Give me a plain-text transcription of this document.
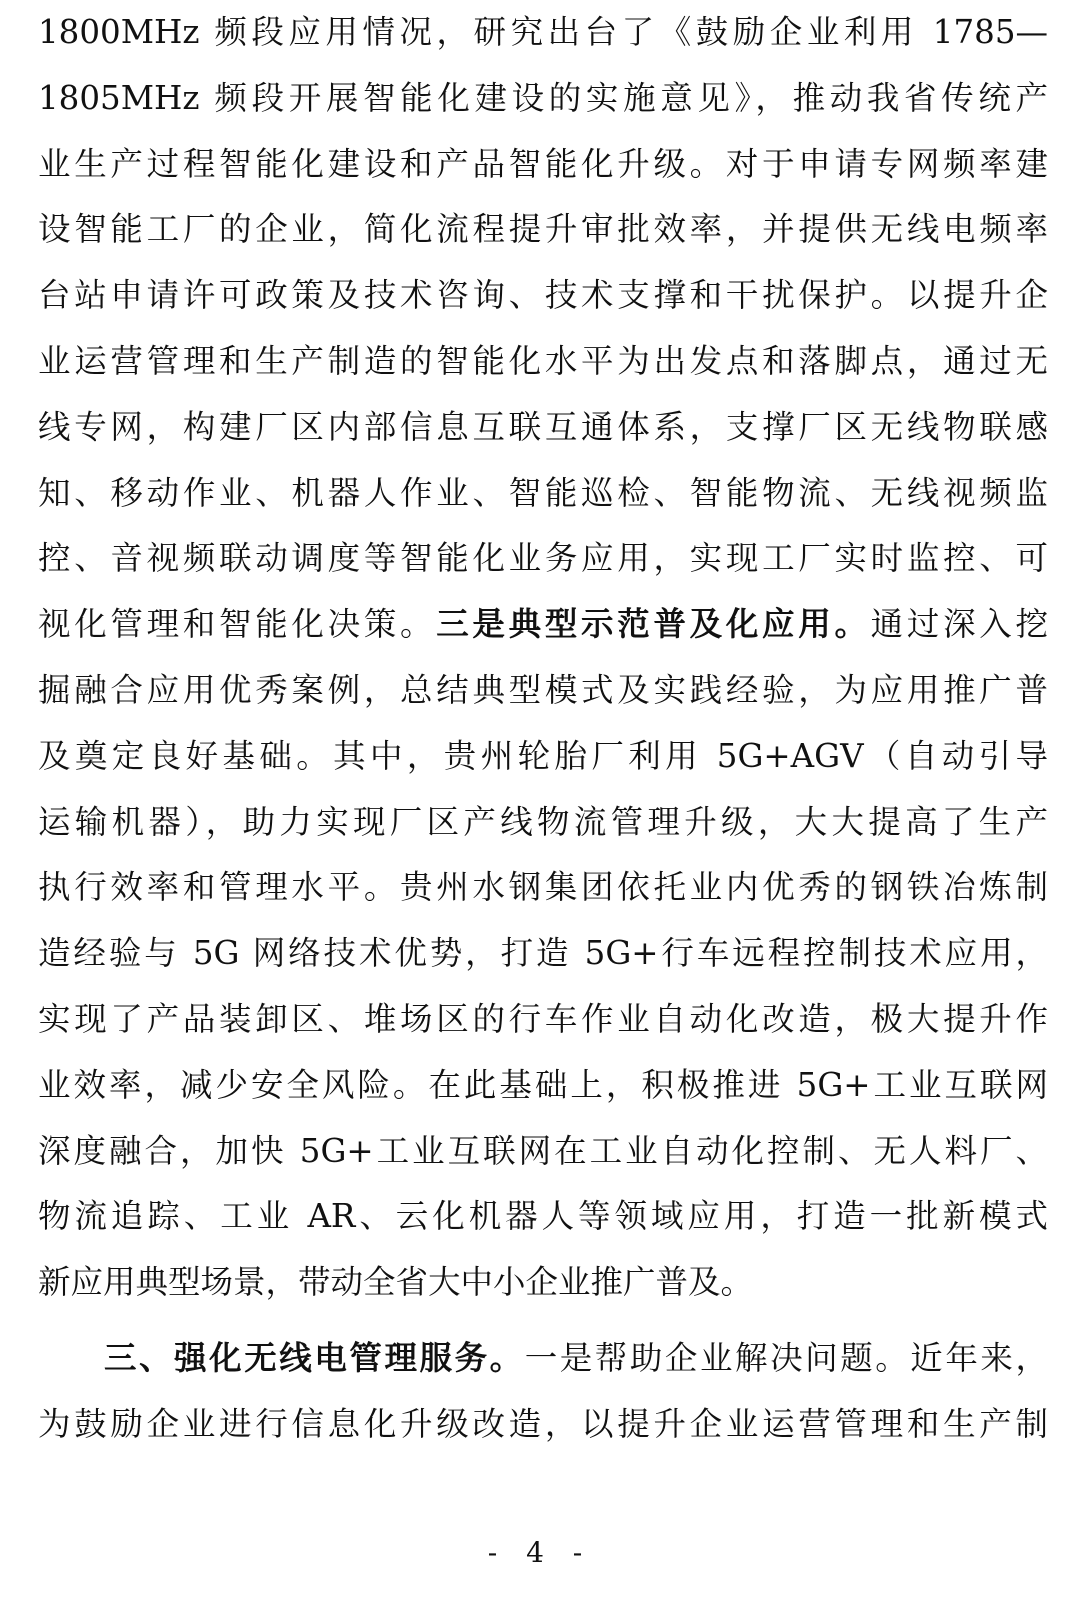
1800MHz 频段应用情况，研究出台了《鼓励企业利用 1785—
1805MHz 频段开展智能化建设的实施意见》，推动我省传统产
业生产过程智能化建设和产品智能化升级。对于申请专网频率建
设智能工厂的企业，简化流程提升审批效率，并提供无线电频率
台站申请许可政策及技术咨询、技术支撑和干扰保护。以提升企
业运营管理和生产制造的智能化水平为出发点和落脚点，通过无
线专网，构建厂区内部信息互联互通体系，支撑厂区无线物联感
知、移动作业、机器人作业、智能巡检、智能物流、无线视频监
控、音视频联动调度等智能化业务应用，实现工厂实时监控、可
视化管理和智能化决策。三是典型示范普及化应用。通过深入挖
掘融合应用优秀案例，总结典型模式及实践经验，为应用推广普
及奠定良好基础。其中，贵州轮胎厂利用 5G+AGV（自动引导
运输机器），助力实现厂区产线物流管理升级，大大提高了生产
执行效率和管理水平。贵州水钢集团依托业内优秀的钢铁冶炼制
造经验与 5G 网络技术优势，打造 5G+行车远程控制技术应用，
实现了产品装卸区、堆场区的行车作业自动化改造，极大提升作
业效率，减少安全风险。在此基础上，积极推进 5G+工业互联网
深度融合，加快 5G+工业互联网在工业自动化控制、无人料厂、
物流追踪、工业 AR、云化机器人等领域应用，打造一批新模式
新应用典型场景，带动全省大中小企业推广普及。
三、强化无线电管理服务。一是帮助企业解决问题。近年来，
为鼓励企业进行信息化升级改造，以提升企业运营管理和生产制
- 4 -
